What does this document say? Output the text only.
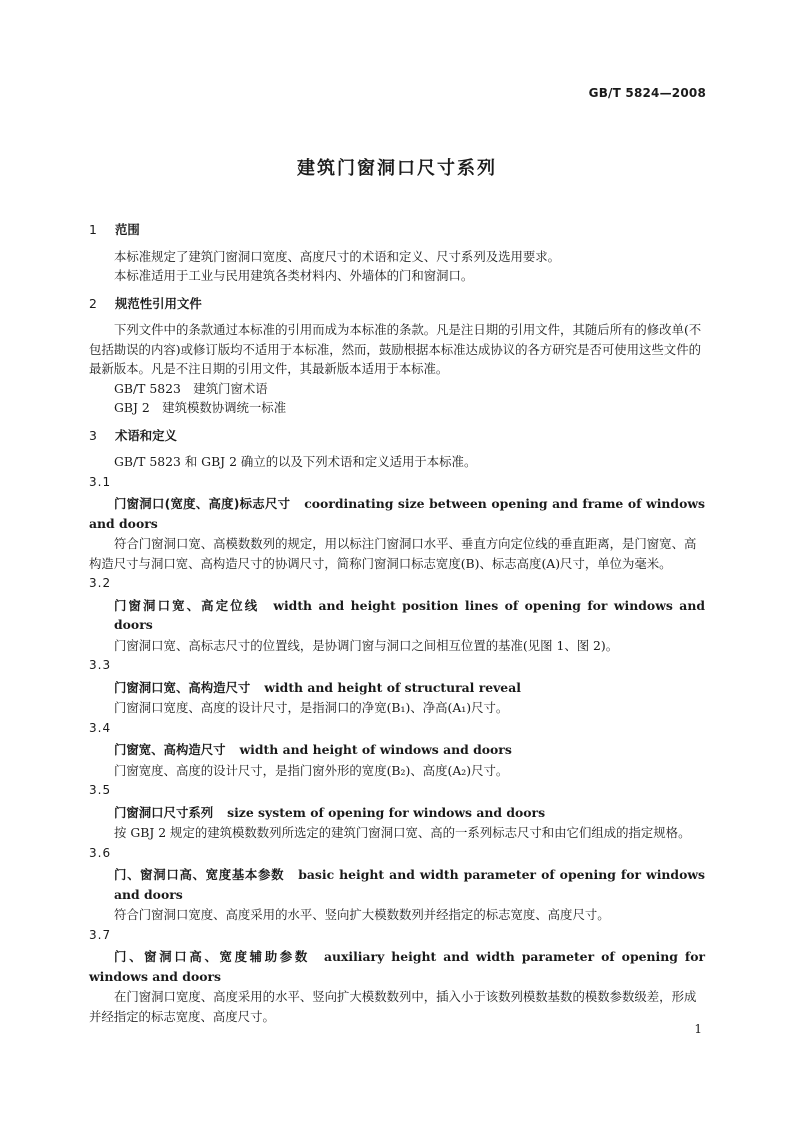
GB/T 5824—2008
建筑门窗洞口尺寸系列
1 范围

本标准规定了建筑门窗洞口宽度、高度尺寸的术语和定义、尺寸系列及选用要求。

本标准适用于工业与民用建筑各类材料内、外墙体的门和窗洞口。

2 规范性引用文件

下列文件中的条款通过本标准的引用而成为本标准的条款。凡是注日期的引用文件，其随后所有的修改单(不包括勘误的内容)或修订版均不适用于本标准，然而，鼓励根据本标准达成协议的各方研究是否可使用这些文件的最新版本。凡是不注日期的引用文件，其最新版本适用于本标准。

GB/T 5823　建筑门窗术语

GBJ 2　建筑模数协调统一标准

3 术语和定义

GB/T 5823 和 GBJ 2 确立的以及下列术语和定义适用于本标准。

3.1

门窗洞口(宽度、高度)标志尺寸 coordinating size between opening and frame of windows and doors

符合门窗洞口宽、高模数数列的规定，用以标注门窗洞口水平、垂直方向定位线的垂直距离，是门窗宽、高构造尺寸与洞口宽、高构造尺寸的协调尺寸，简称门窗洞口标志宽度(B)、标志高度(A)尺寸，单位为毫米。

3.2

门窗洞口宽、高定位线 width and height position lines of opening for windows and doors

门窗洞口宽、高标志尺寸的位置线，是协调门窗与洞口之间相互位置的基准(见图 1、图 2)。

3.3

门窗洞口宽、高构造尺寸 width and height of structural reveal

门窗洞口宽度、高度的设计尺寸，是指洞口的净宽(B₁)、净高(A₁)尺寸。

3.4

门窗宽、高构造尺寸 width and height of windows and doors

门窗宽度、高度的设计尺寸，是指门窗外形的宽度(B₂)、高度(A₂)尺寸。

3.5

门窗洞口尺寸系列 size system of opening for windows and doors

按 GBJ 2 规定的建筑模数数列所选定的建筑门窗洞口宽、高的一系列标志尺寸和由它们组成的指定规格。

3.6

门、窗洞口高、宽度基本参数 basic height and width parameter of opening for windows and doors

符合门窗洞口宽度、高度采用的水平、竖向扩大模数数列并经指定的标志宽度、高度尺寸。

3.7

门、窗洞口高、宽度辅助参数 auxiliary height and width parameter of opening for windows and doors

在门窗洞口宽度、高度采用的水平、竖向扩大模数数列中，插入小于该数列模数基数的模数参数级差，形成并经指定的标志宽度、高度尺寸。

1
